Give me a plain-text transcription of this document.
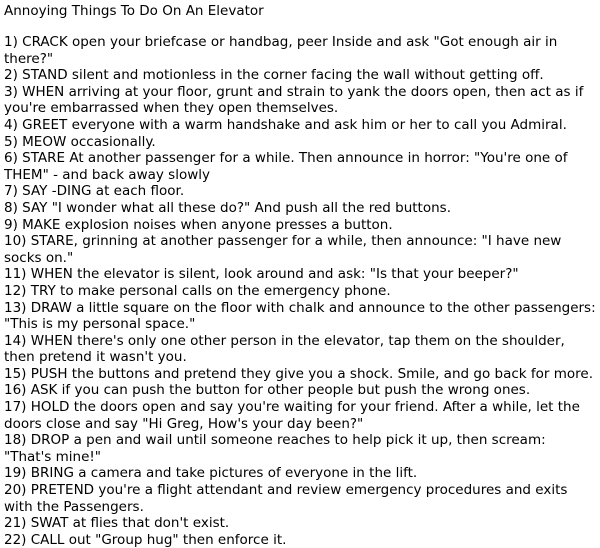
Annoying Things To Do On An Elevator
1) CRACK open your briefcase or handbag, peer Inside and ask "Got enough air in there?"
2) STAND silent and motionless in the corner facing the wall without getting off.
3) WHEN arriving at your floor, grunt and strain to yank the doors open, then act as if you're embarrassed when they open themselves.
4) GREET everyone with a warm handshake and ask him or her to call you Admiral.
5) MEOW occasionally.
6) STARE At another passenger for a while. Then announce in horror: "You're one of THEM" - and back away slowly
7) SAY -DING at each floor.
8) SAY "I wonder what all these do?" And push all the red buttons.
9) MAKE explosion noises when anyone presses a button.
10) STARE, grinning at another passenger for a while, then announce: "I have new socks on."
11) WHEN the elevator is silent, look around and ask: "Is that your beeper?"
12) TRY to make personal calls on the emergency phone.
13) DRAW a little square on the floor with chalk and announce to the other passengers: "This is my personal space."
14) WHEN there's only one other person in the elevator, tap them on the shoulder, then pretend it wasn't you.
15) PUSH the buttons and pretend they give you a shock. Smile, and go back for more.
16) ASK if you can push the button for other people but push the wrong ones.
17) HOLD the doors open and say you're waiting for your friend. After a while, let the doors close and say "Hi Greg, How's your day been?"
18) DROP a pen and wail until someone reaches to help pick it up, then scream: "That's mine!"
19) BRING a camera and take pictures of everyone in the lift.
20) PRETEND you're a flight attendant and review emergency procedures and exits with the Passengers.
21) SWAT at flies that don't exist.
22) CALL out "Group hug" then enforce it.
